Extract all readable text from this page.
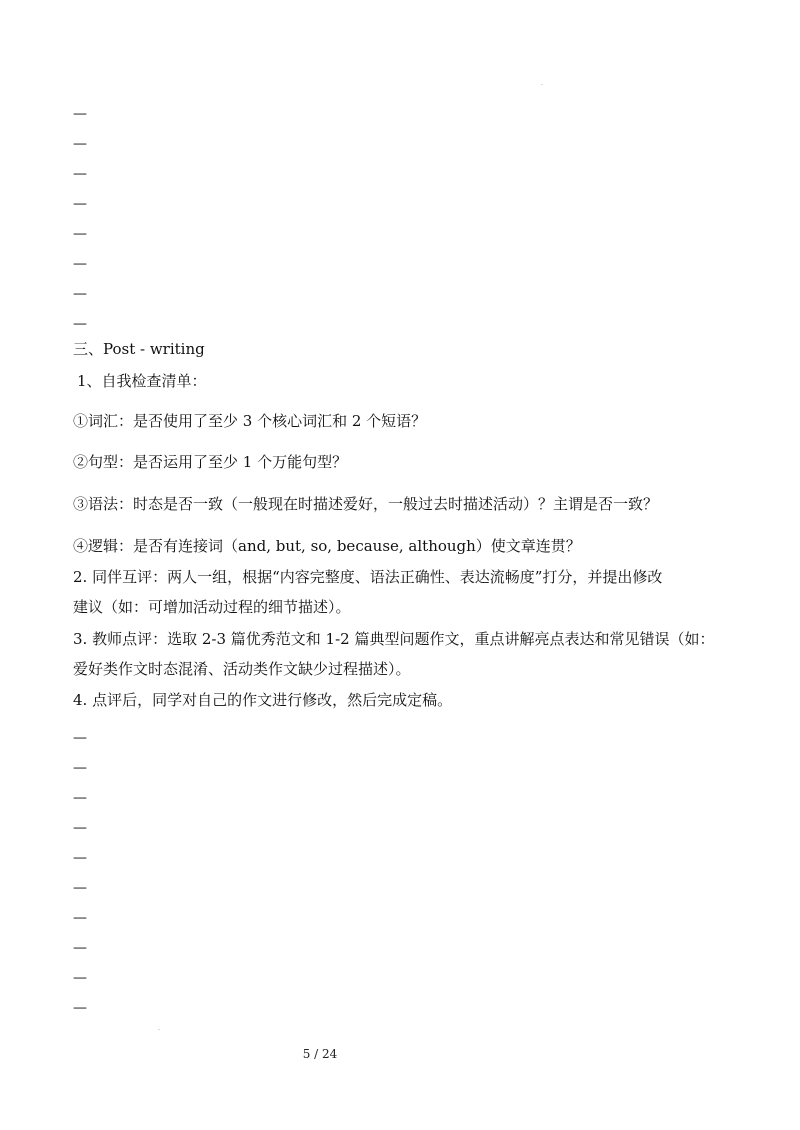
·
·
—
—
—
—
—
—
—
—
三、Post - writing
1、自我检查清单：
①词汇：是否使用了至少 3 个核心词汇和 2 个短语？
②句型：是否运用了至少 1 个万能句型？
③语法：时态是否一致（一般现在时描述爱好，一般过去时描述活动）？主谓是否一致？
④逻辑：是否有连接词（and, but, so, because, although）使文章连贯？
2. 同伴互评：两人一组，根据“内容完整度、语法正确性、表达流畅度”打分，并提出修改
建议（如：可增加活动过程的细节描述）。
3. 教师点评：选取 2-3 篇优秀范文和 1-2 篇典型问题作文，重点讲解亮点表达和常见错误（如：
爱好类作文时态混淆、活动类作文缺少过程描述）。
4. 点评后，同学对自己的作文进行修改，然后完成定稿。
—
—
—
—
—
—
—
—
—
—
5 / 24
